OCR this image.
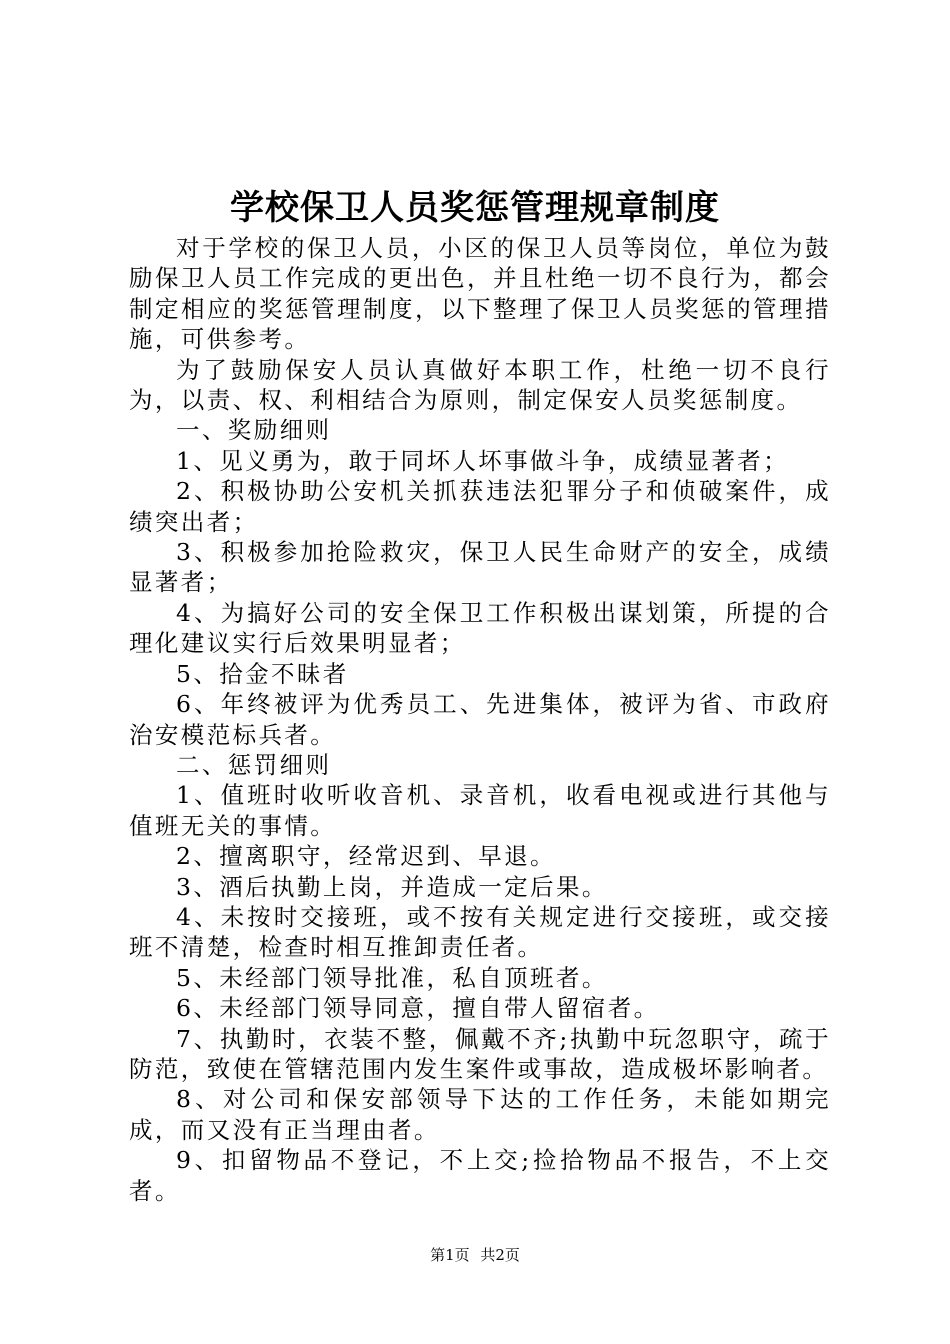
学校保卫人员奖惩管理规章制度

对于学校的保卫人员，小区的保卫人员等岗位，单位为鼓励保卫人员工作完成的更出色，并且杜绝一切不良行为，都会制定相应的奖惩管理制度，以下整理了保卫人员奖惩的管理措施，可供参考。

为了鼓励保安人员认真做好本职工作，杜绝一切不良行为，以责、权、利相结合为原则，制定保安人员奖惩制度。

一、奖励细则

1、见义勇为，敢于同坏人坏事做斗争，成绩显著者；

2、积极协助公安机关抓获违法犯罪分子和侦破案件，成绩突出者；

3、积极参加抢险救灾，保卫人民生命财产的安全，成绩显著者；

4、为搞好公司的安全保卫工作积极出谋划策，所提的合理化建议实行后效果明显者；

5、拾金不昧者

6、年终被评为优秀员工、先进集体，被评为省、市政府治安模范标兵者。

二、惩罚细则

1、值班时收听收音机、录音机，收看电视或进行其他与值班无关的事情。

2、擅离职守，经常迟到、早退。

3、酒后执勤上岗，并造成一定后果。

4、未按时交接班，或不按有关规定进行交接班，或交接班不清楚，检查时相互推卸责任者。

5、未经部门领导批准，私自顶班者。

6、未经部门领导同意，擅自带人留宿者。

7、执勤时，衣装不整，佩戴不齐;执勤中玩忽职守，疏于防范，致使在管辖范围内发生案件或事故，造成极坏影响者。

8、对公司和保安部领导下达的工作任务，未能如期完成，而又没有正当理由者。

9、扣留物品不登记，不上交;捡拾物品不报告，不上交者。

第1页 共2页
